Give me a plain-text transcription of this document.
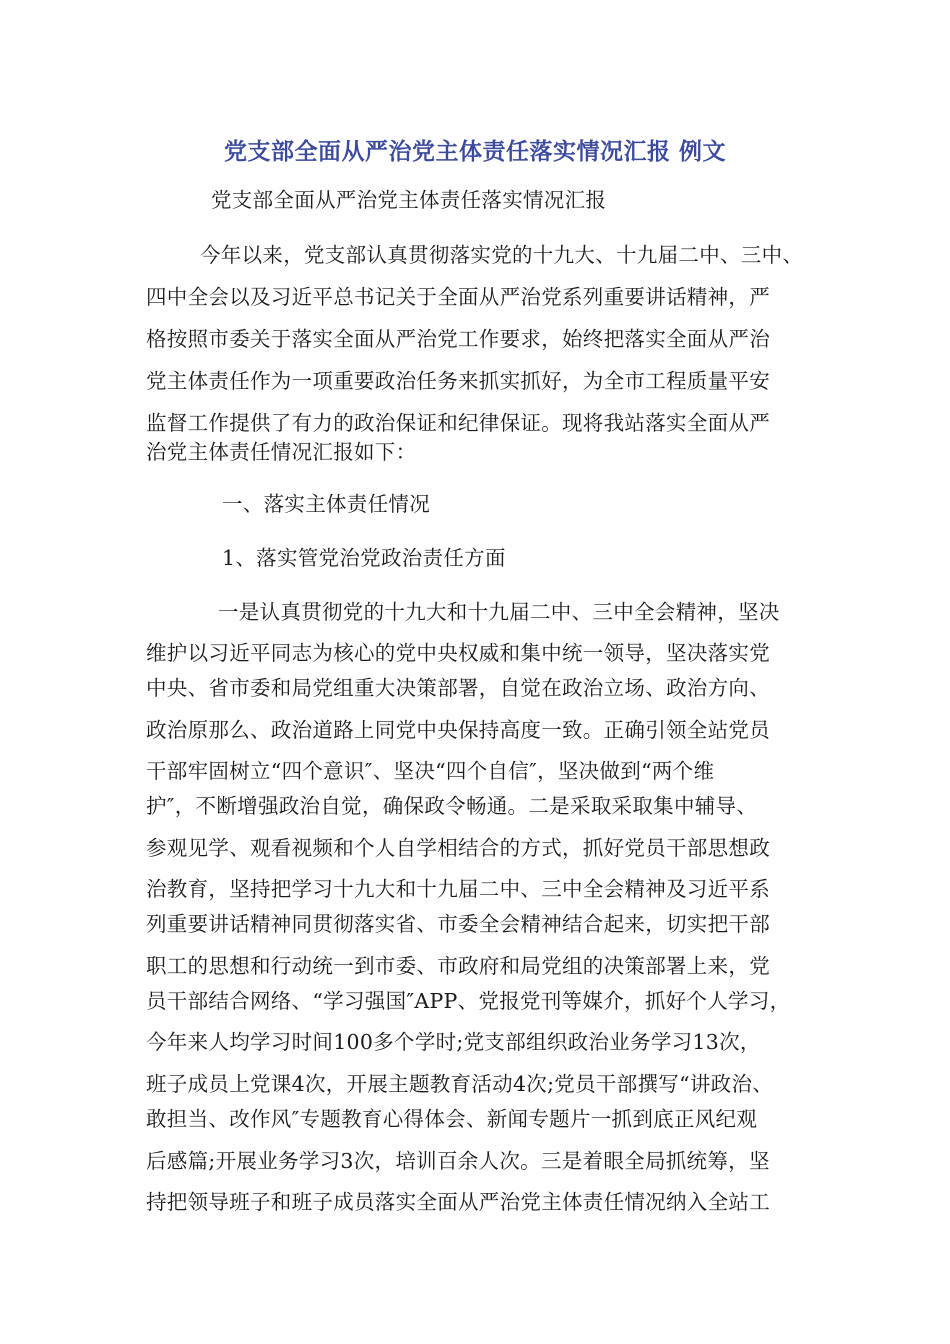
党支部全面从严治党主体责任落实情况汇报 例文
党支部全面从严治党主体责任落实情况汇报
今年以来，党支部认真贯彻落实党的十九大、十九届二中、三中、
四中全会以及习近平总书记关于全面从严治党系列重要讲话精神，严
格按照市委关于落实全面从严治党工作要求，始终把落实全面从严治
党主体责任作为一项重要政治任务来抓实抓好，为全市工程质量平安
监督工作提供了有力的政治保证和纪律保证。现将我站落实全面从严
治党主体责任情况汇报如下：
一、落实主体责任情况
1、落实管党治党政治责任方面
一是认真贯彻党的十九大和十九届二中、三中全会精神，坚决
维护以习近平同志为核心的党中央权威和集中统一领导，坚决落实党
中央、省市委和局党组重大决策部署，自觉在政治立场、政治方向、
政治原那么、政治道路上同党中央保持高度一致。正确引领全站党员
干部牢固树立“四个意识″、坚决“四个自信″，坚决做到“两个维
护″，不断增强政治自觉，确保政令畅通。二是采取采取集中辅导、
参观见学、观看视频和个人自学相结合的方式，抓好党员干部思想政
治教育，坚持把学习十九大和十九届二中、三中全会精神及习近平系
列重要讲话精神同贯彻落实省、市委全会精神结合起来，切实把干部
职工的思想和行动统一到市委、市政府和局党组的决策部署上来，党
员干部结合网络、“学习强国″APP、党报党刊等媒介，抓好个人学习，
今年来人均学习时间100多个学时;党支部组织政治业务学习13次，
班子成员上党课4次，开展主题教育活动4次;党员干部撰写“讲政治、
敢担当、改作风″专题教育心得体会、新闻专题片一抓到底正风纪观
后感篇;开展业务学习3次，培训百余人次。三是着眼全局抓统筹，坚
持把领导班子和班子成员落实全面从严治党主体责任情况纳入全站工
